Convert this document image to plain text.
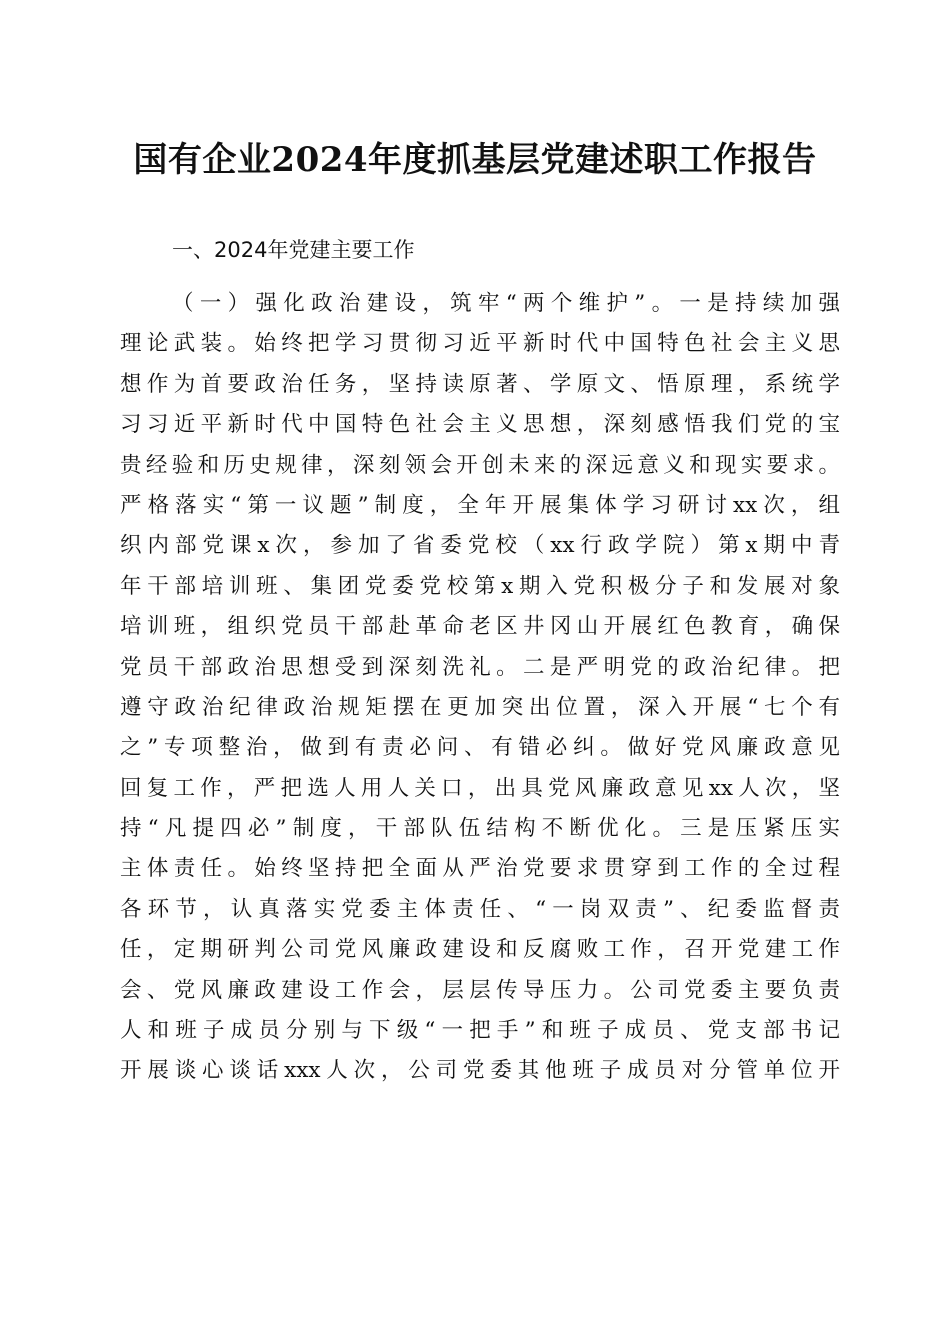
国有企业2024年度抓基层党建述职工作报告

一、2024年党建主要工作

（一）强化政治建设，筑牢“两个维护”。一是持续加强
理论武装。始终把学习贯彻习近平新时代中国特色社会主义思
想作为首要政治任务，坚持读原著、学原文、悟原理，系统学
习习近平新时代中国特色社会主义思想，深刻感悟我们党的宝
贵经验和历史规律，深刻领会开创未来的深远意义和现实要求。
严格落实“第一议题”制度，全年开展集体学习研讨xx次，组
织内部党课x次，参加了省委党校（xx行政学院）第x期中青
年干部培训班、集团党委党校第x期入党积极分子和发展对象
培训班，组织党员干部赴革命老区井冈山开展红色教育，确保
党员干部政治思想受到深刻洗礼。二是严明党的政治纪律。把
遵守政治纪律政治规矩摆在更加突出位置，深入开展“七个有
之”专项整治，做到有责必问、有错必纠。做好党风廉政意见
回复工作，严把选人用人关口，出具党风廉政意见xx人次，坚
持“凡提四必”制度，干部队伍结构不断优化。三是压紧压实
主体责任。始终坚持把全面从严治党要求贯穿到工作的全过程
各环节，认真落实党委主体责任、“一岗双责”、纪委监督责
任，定期研判公司党风廉政建设和反腐败工作，召开党建工作
会、党风廉政建设工作会，层层传导压力。公司党委主要负责
人和班子成员分别与下级“一把手”和班子成员、党支部书记
开展谈心谈话xxx人次，公司党委其他班子成员对分管单位开
